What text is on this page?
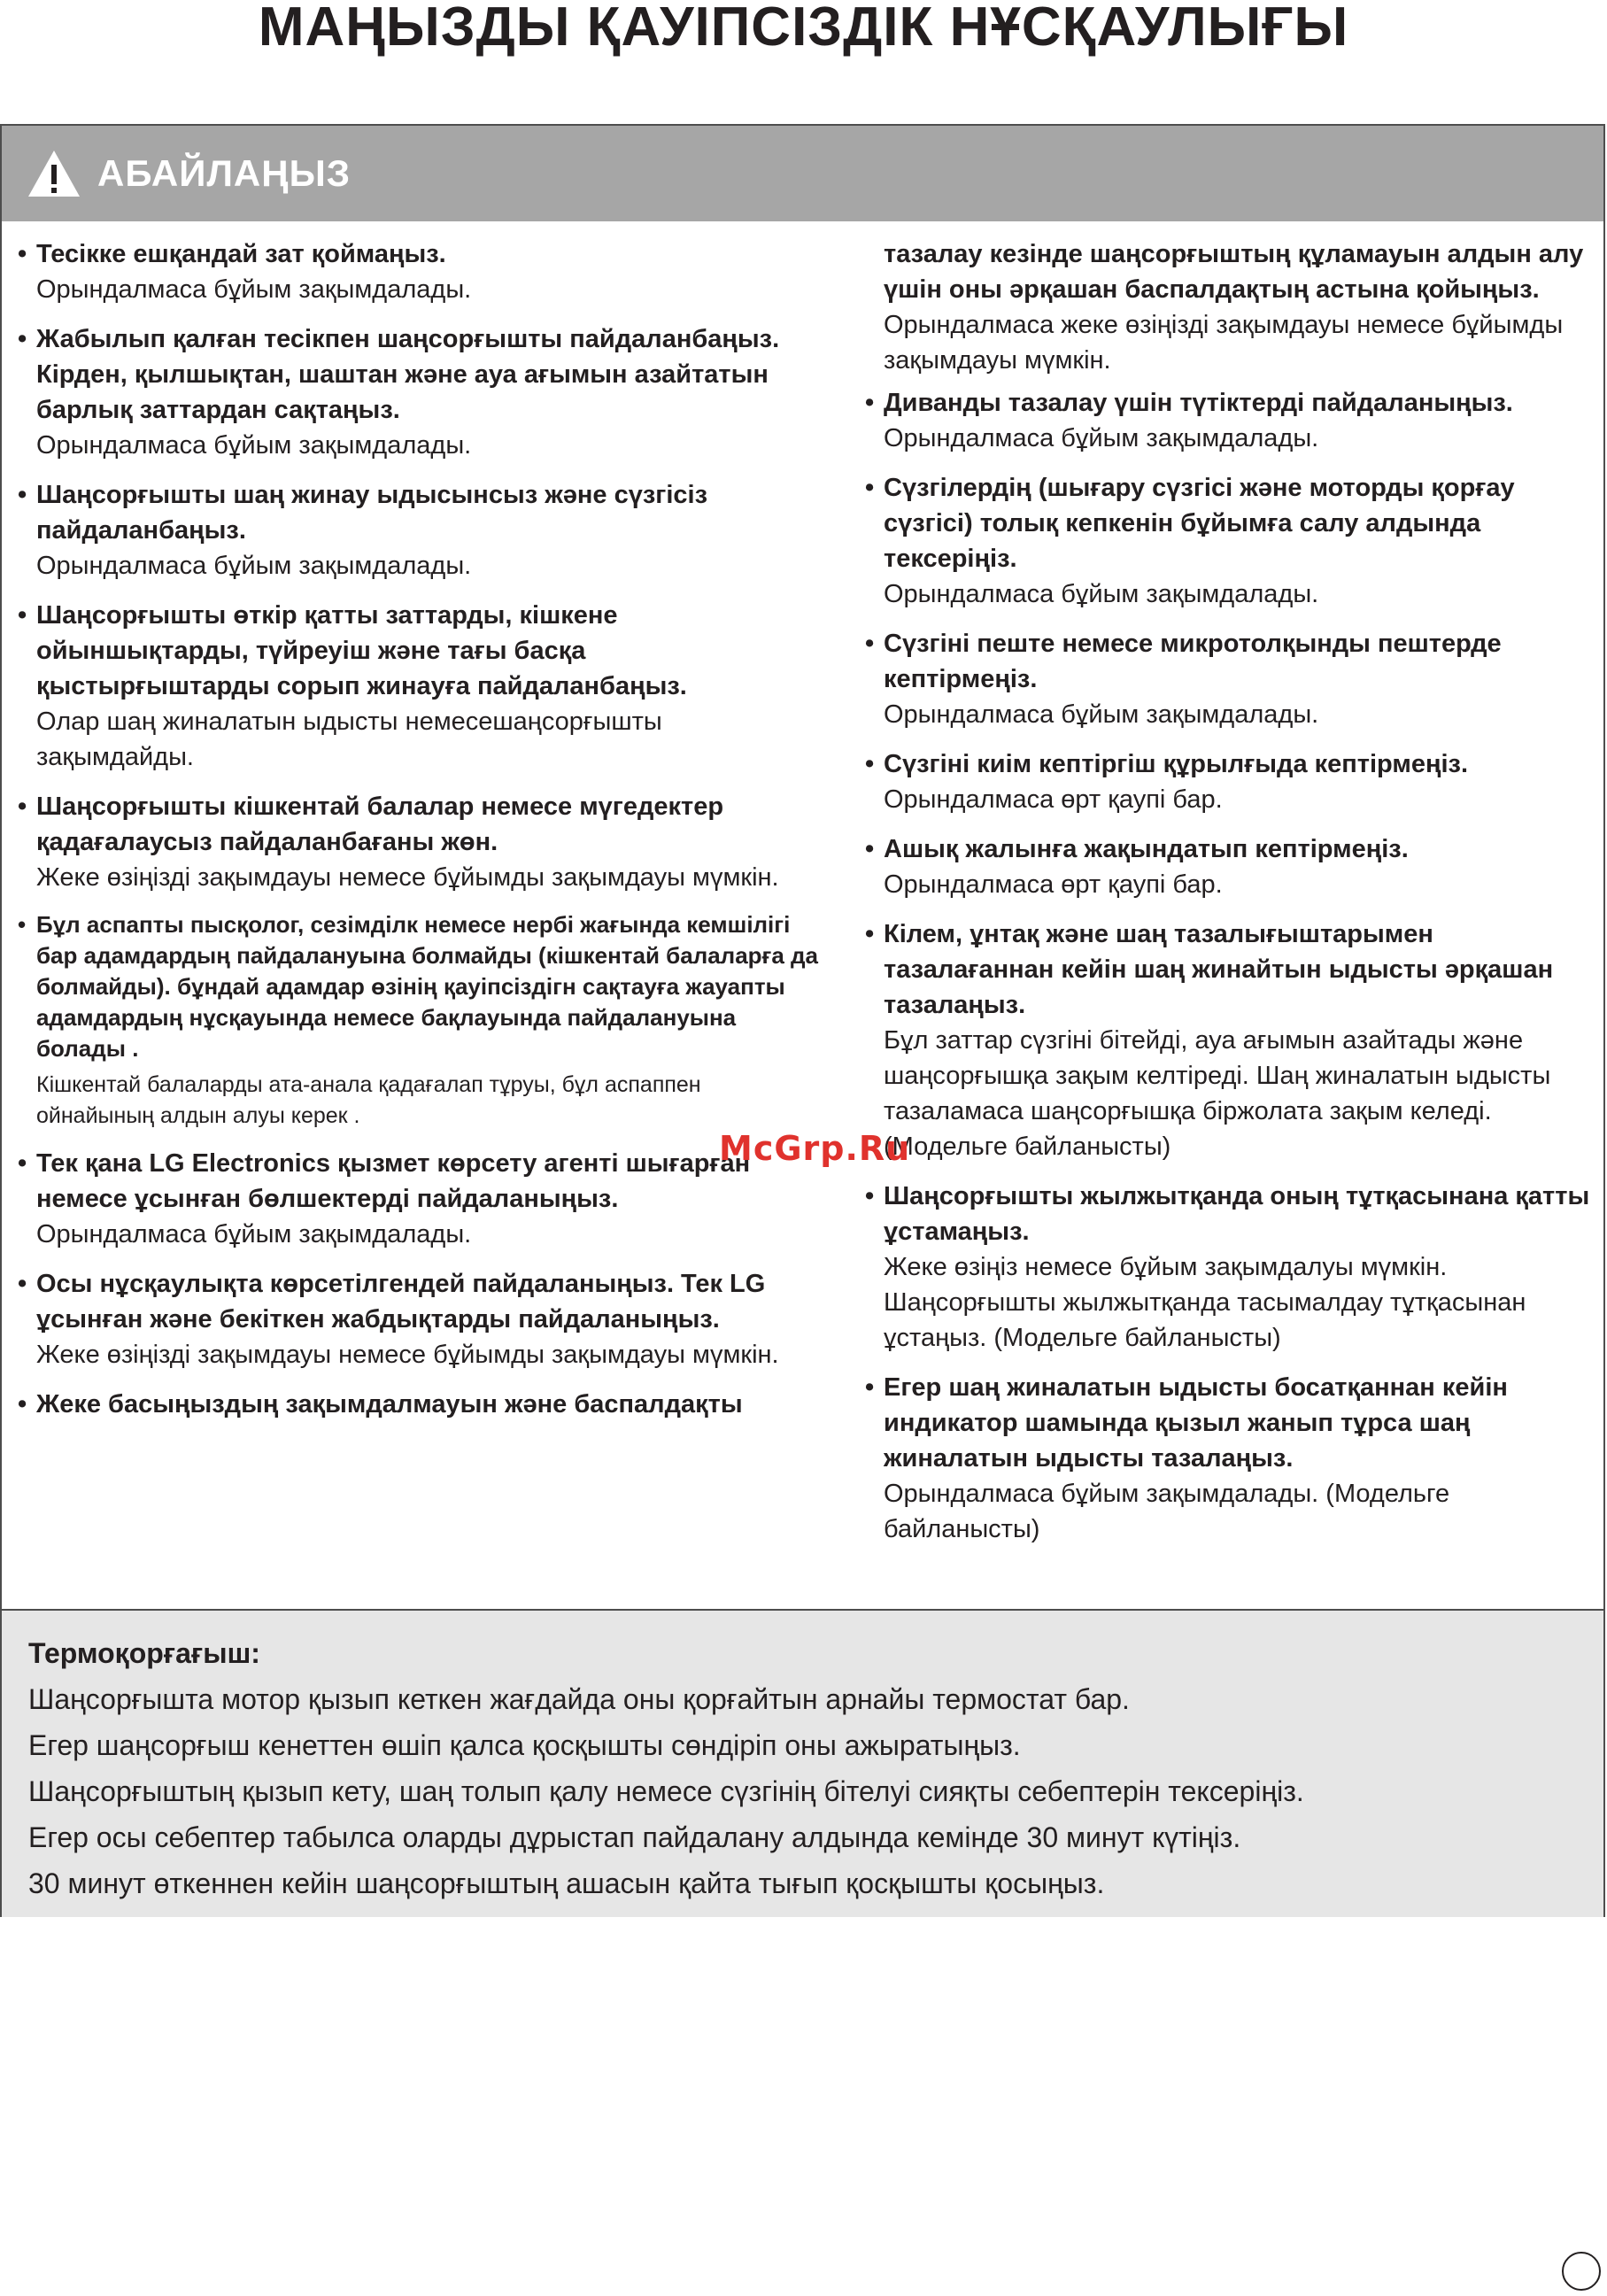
МАҢЫЗДЫ ҚАУІПСІЗДІК НҰСҚАУЛЫҒЫ
АБАЙЛАҢЫЗ
• Тесікке ешқандай зат қоймаңыз.
Орындалмаса бұйым зақымдалады.
• Жабылып қалған тесікпен шаңсорғышты пайдаланбаңыз. Кірден, қылшықтан, шаштан және ауа ағымын азайтатын барлық заттардан сақтаңыз.
Орындалмаса бұйым зақымдалады.
• Шаңсорғышты шаң жинау ыдысынсыз және сүзгісіз пайдаланбаңыз.
Орындалмаса бұйым зақымдалады.
• Шаңсорғышты өткір қатты заттарды, кішкене ойыншықтарды, түйреуіш және тағы басқа қыстырғыштарды сорып жинауға пайдаланбаңыз.
Олар шаң жиналатын ыдысты немесешаңсорғышты зақымдайды.
• Шаңсорғышты кішкентай балалар немесе мүгедектер қадағалаусыз пайдаланбағаны жөн.
Жеке өзіңізді зақымдауы немесе бұйымды зақымдауы мүмкін.
• Бұл аспапты пысқолог, сезімділк немесе нербі жағында кемшілігі бар адамдардың пайдалануына болмайды (кішкентай балаларға да болмайды). бұндай адамдар өзінің қауіпсіздігн сақтауға жауапты адамдардың нұсқауында немесе бақлауында пайдалануына болады .
Кішкентай балаларды ата-анала қадағалап тұруы, бұл аспаппен ойнайының алдын алуы керек .
• Тек қана LG Electronics қызмет көрсету агенті шығарған немесе ұсынған бөлшектерді пайдаланыңыз.
Орындалмаса бұйым зақымдалады.
• Осы нұсқаулықта көрсетілгендей пайдаланыңыз. Тек LG ұсынған және бекіткен жабдықтарды пайдаланыңыз.
Жеке өзіңізді зақымдауы немесе бұйымды зақымдауы мүмкін.
• Жеке басыңыздың зақымдалмауын және баспалдақты
тазалау кезінде шаңсорғыштың құламауын алдын алу үшін оны әрқашан баспалдақтың астына қойыңыз.
Орындалмаса жеке өзіңізді зақымдауы немесе бұйымды зақымдауы мүмкін.
• Диванды тазалау үшін түтіктерді пайдаланыңыз.
Орындалмаса бұйым зақымдалады.
• Сүзгілердің (шығару сүзгісі және моторды қорғау сүзгісі) толық кепкенін бұйымға салу алдында тексеріңіз.
Орындалмаса бұйым зақымдалады.
• Сүзгіні пеште немесе микротолқынды пештерде кептірмеңіз.
Орындалмаса бұйым зақымдалады.
• Сүзгіні киім кептіргіш құрылғыда кептірмеңіз.
Орындалмаса өрт қаупі бар.
• Ашық жалынға жақындатып кептірмеңіз.
Орындалмаса өрт қаупі бар.
• Кілем, ұнтақ және шаң тазалығыштарымен тазалағаннан кейін шаң жинайтын ыдысты әрқашан тазалаңыз.
Бұл заттар сүзгіні бітейді, ауа ағымын азайтады және шаңсорғышқа зақым келтіреді. Шаң жиналатын ыдысты тазаламаса шаңсорғышқа біржолата зақым келеді. (Модельге байланысты)
• Шаңсорғышты жылжытқанда оның тұтқасынана қатты ұстамаңыз.
Жеке өзіңіз немесе бұйым зақымдалуы мүмкін. Шаңсорғышты жылжытқанда тасымалдау тұтқасынан ұстаңыз. (Модельге байланысты)
• Егер шаң жиналатын ыдысты босатқаннан кейін индикатор шамында қызыл жанып тұрса шаң жиналатын ыдысты тазалаңыз.
Орындалмаса бұйым зақымдалады. (Модельге байланысты)
Термоқорғағыш:
Шаңсорғышта мотор қызып кеткен жағдайда оны қорғайтын арнайы термостат бар.
Егер шаңсорғыш кенеттен өшіп қалса қосқышты сөндіріп оны ажыратыңыз.
Шаңсорғыштың қызып кету, шаң толып қалу немесе сүзгінің бітелуі сияқты себептерін тексеріңіз.
Егер осы себептер табылса оларды дұрыстап пайдалану алдында кемінде 30 минут күтіңіз.
30 минут өткеннен кейін шаңсорғыштың ашасын қайта тығып қосқышты қосыңыз.
McGrp.Ru
